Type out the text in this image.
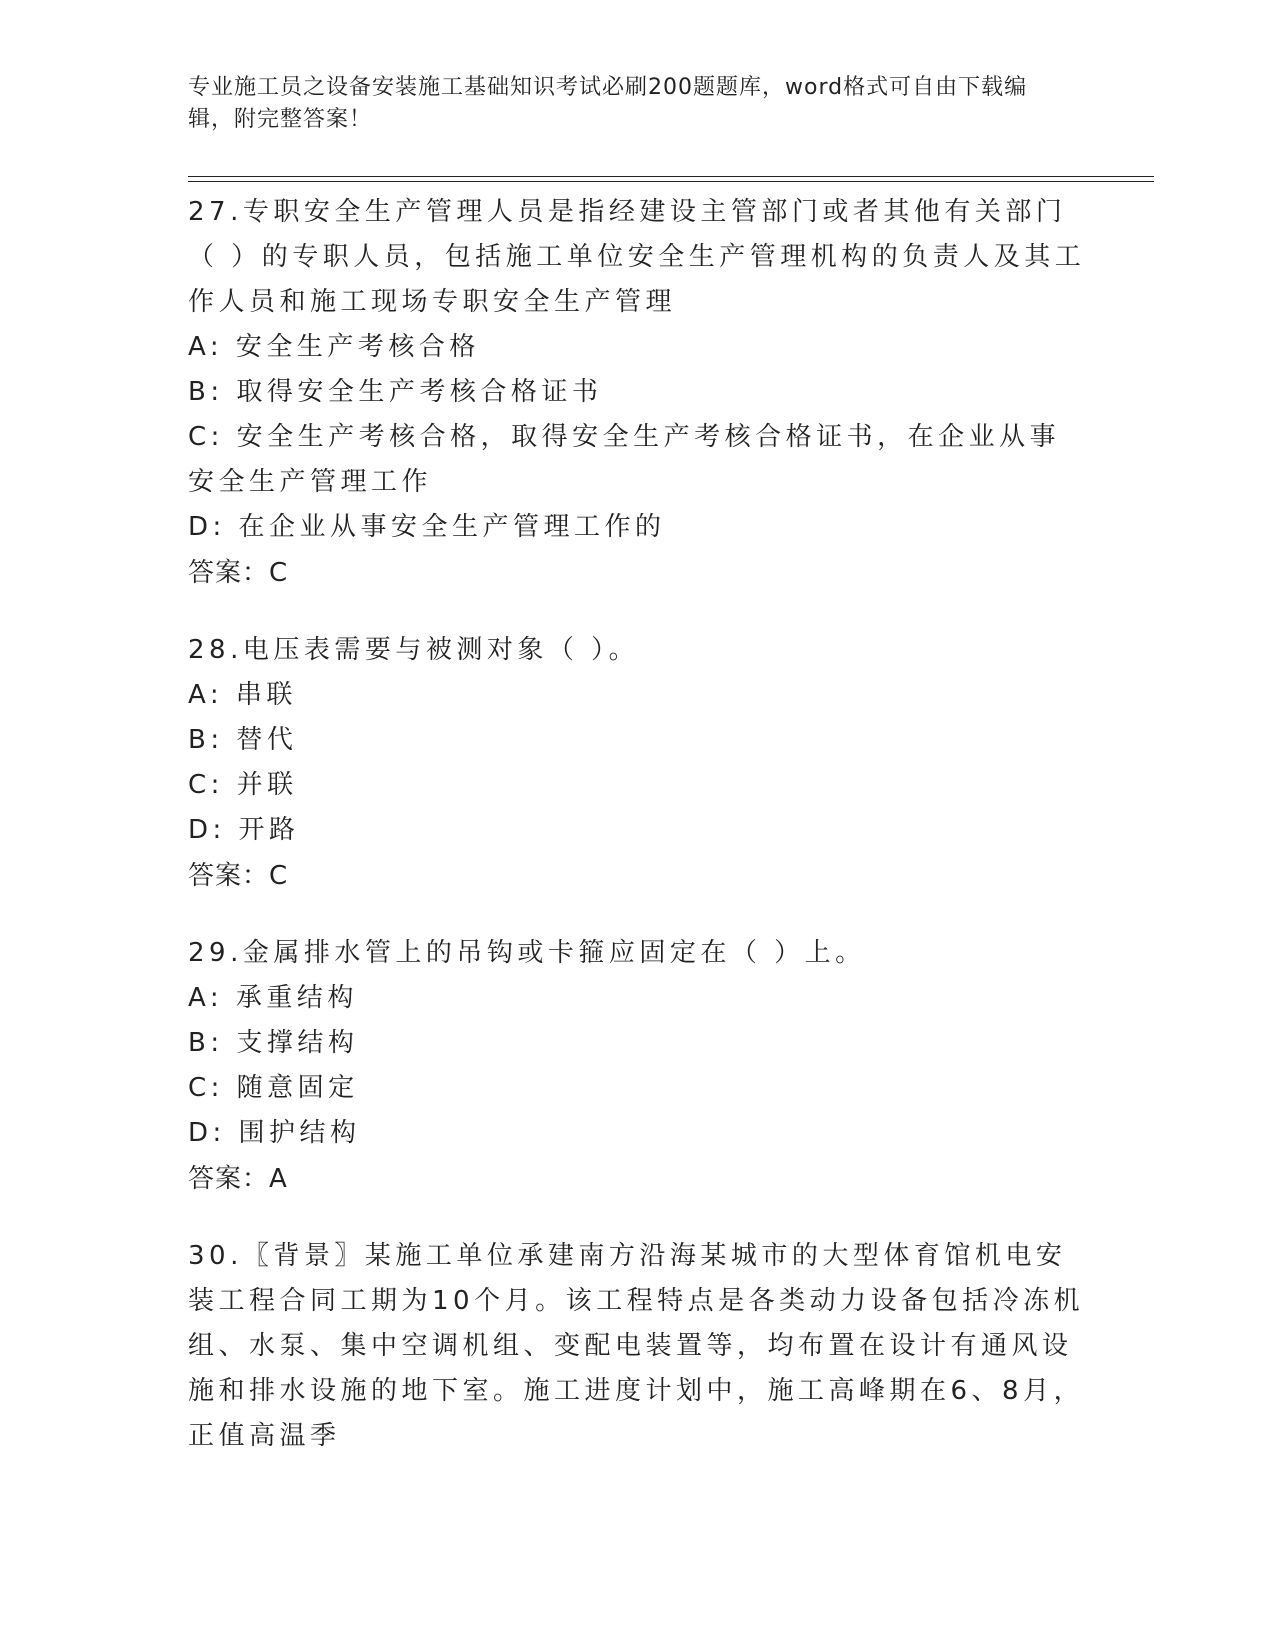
专业施工员之设备安装施工基础知识考试必刷200题题库，word格式可自由下载编辑，附完整答案！

27.专职安全生产管理人员是指经建设主管部门或者其他有关部门（ ）的专职人员，包括施工单位安全生产管理机构的负责人及其工作人员和施工现场专职安全生产管理

A: 安全生产考核合格

B: 取得安全生产考核合格证书

C: 安全生产考核合格，取得安全生产考核合格证书，在企业从事安全生产管理工作

D: 在企业从事安全生产管理工作的

答案：C

28.电压表需要与被测对象（ ）。

A: 串联

B: 替代

C: 并联

D: 开路

答案：C

29.金属排水管上的吊钩或卡箍应固定在（ ）上。

A: 承重结构

B: 支撑结构

C: 随意固定

D: 围护结构

答案：A

30.〖背景〗某施工单位承建南方沿海某城市的大型体育馆机电安装工程合同工期为10个月。该工程特点是各类动力设备包括冷冻机组、水泵、集中空调机组、变配电装置等，均布置在设计有通风设施和排水设施的地下室。施工进度计划中，施工高峰期在6、8月，正值高温季
